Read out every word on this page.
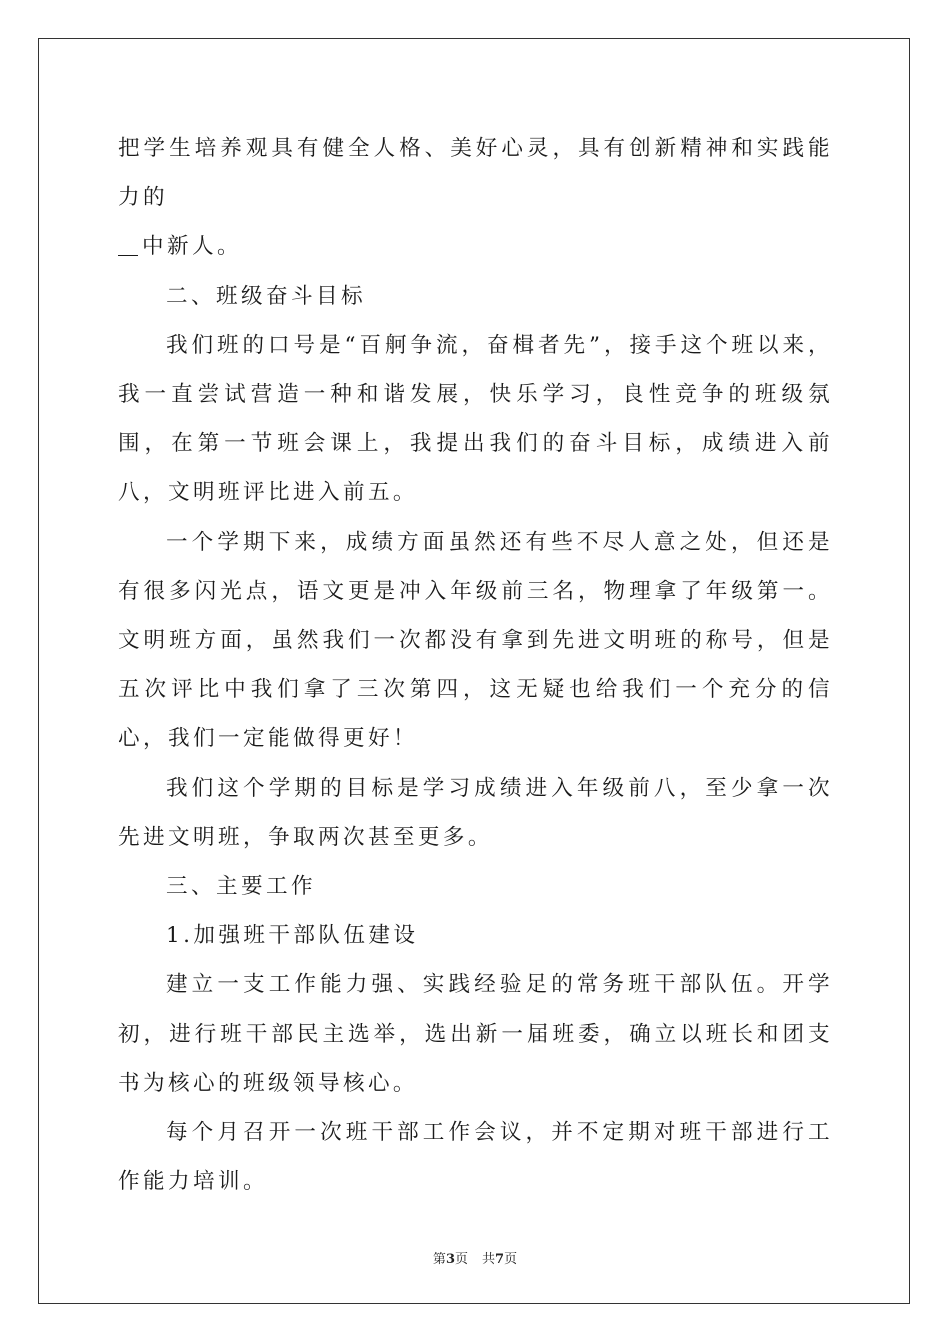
把学生培养观具有健全人格、美好心灵，具有创新精神和实践能力的

中新人。

二、班级奋斗目标

我们班的口号是“百舸争流，奋楫者先”，接手这个班以来，我一直尝试营造一种和谐发展，快乐学习，良性竞争的班级氛围，在第一节班会课上，我提出我们的奋斗目标，成绩进入前八，文明班评比进入前五。

一个学期下来，成绩方面虽然还有些不尽人意之处，但还是有很多闪光点，语文更是冲入年级前三名，物理拿了年级第一。文明班方面，虽然我们一次都没有拿到先进文明班的称号，但是五次评比中我们拿了三次第四，这无疑也给我们一个充分的信心，我们一定能做得更好！

我们这个学期的目标是学习成绩进入年级前八，至少拿一次先进文明班，争取两次甚至更多。

三、主要工作

1.加强班干部队伍建设

建立一支工作能力强、实践经验足的常务班干部队伍。开学初，进行班干部民主选举，选出新一届班委，确立以班长和团支书为核心的班级领导核心。

每个月召开一次班干部工作会议，并不定期对班干部进行工作能力培训。

第3页 共7页
